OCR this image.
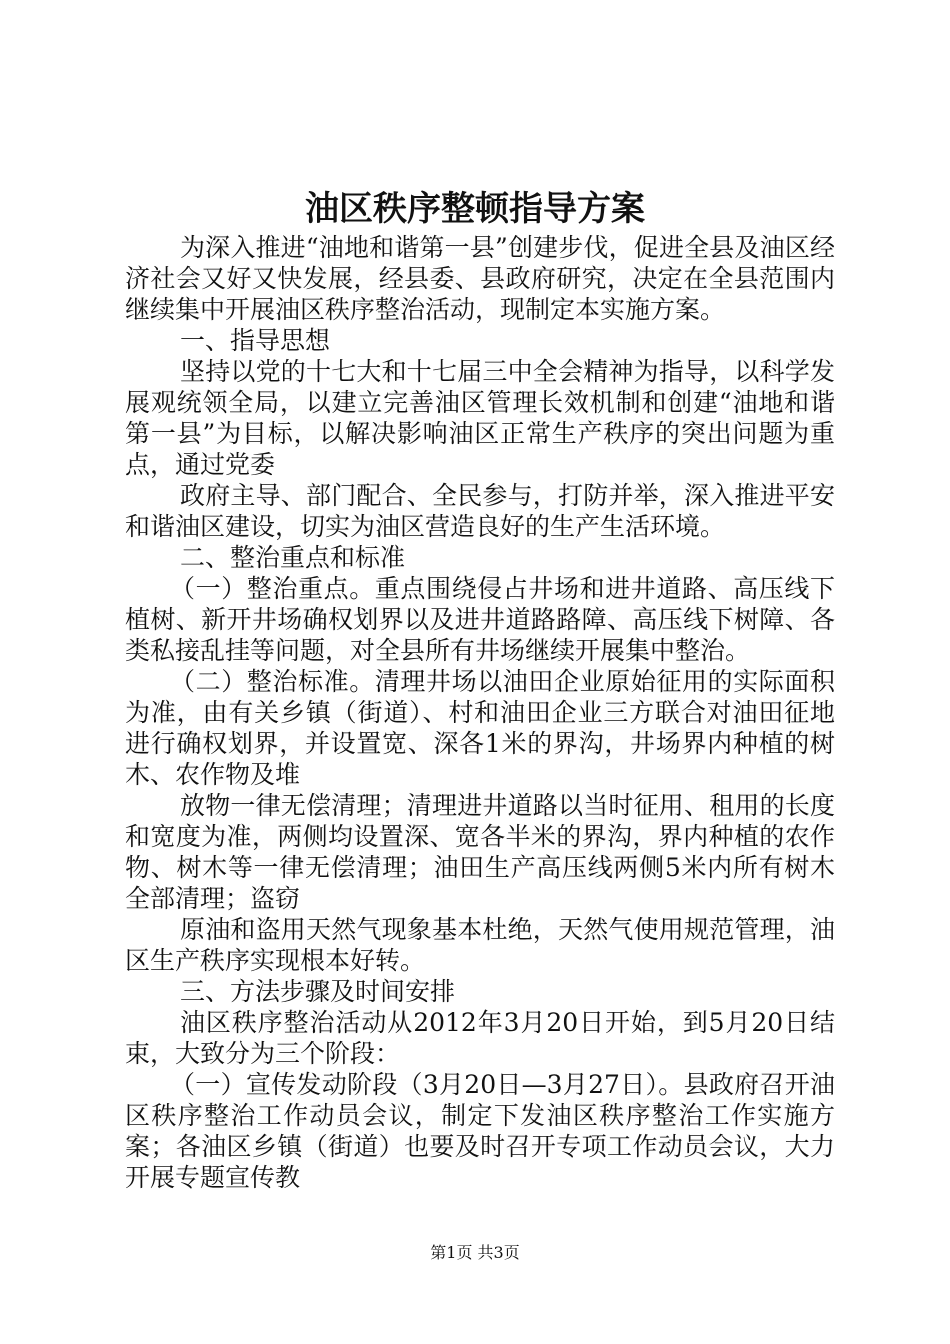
油区秩序整顿指导方案

为深入推进“油地和谐第一县”创建步伐，促进全县及油区经济社会又好又快发展，经县委、县政府研究，决定在全县范围内继续集中开展油区秩序整治活动，现制定本实施方案。

一、指导思想

坚持以党的十七大和十七届三中全会精神为指导，以科学发展观统领全局，以建立完善油区管理长效机制和创建“油地和谐第一县”为目标，以解决影响油区正常生产秩序的突出问题为重点，通过党委

政府主导、部门配合、全民参与，打防并举，深入推进平安和谐油区建设，切实为油区营造良好的生产生活环境。

二、整治重点和标准

（一）整治重点。重点围绕侵占井场和进井道路、高压线下植树、新开井场确权划界以及进井道路路障、高压线下树障、各类私接乱挂等问题，对全县所有井场继续开展集中整治。

（二）整治标准。清理井场以油田企业原始征用的实际面积为准，由有关乡镇（街道）、村和油田企业三方联合对油田征地进行确权划界，并设置宽、深各1米的界沟，井场界内种植的树木、农作物及堆

放物一律无偿清理；清理进井道路以当时征用、租用的长度和宽度为准，两侧均设置深、宽各半米的界沟，界内种植的农作物、树木等一律无偿清理；油田生产高压线两侧5米内所有树木全部清理；盗窃

原油和盗用天然气现象基本杜绝，天然气使用规范管理，油区生产秩序实现根本好转。

三、方法步骤及时间安排

油区秩序整治活动从2012年3月20日开始，到5月20日结束，大致分为三个阶段：

（一）宣传发动阶段（3月20日—3月27日）。县政府召开油区秩序整治工作动员会议，制定下发油区秩序整治工作实施方案；各油区乡镇（街道）也要及时召开专项工作动员会议，大力开展专题宣传教

第1页 共3页
